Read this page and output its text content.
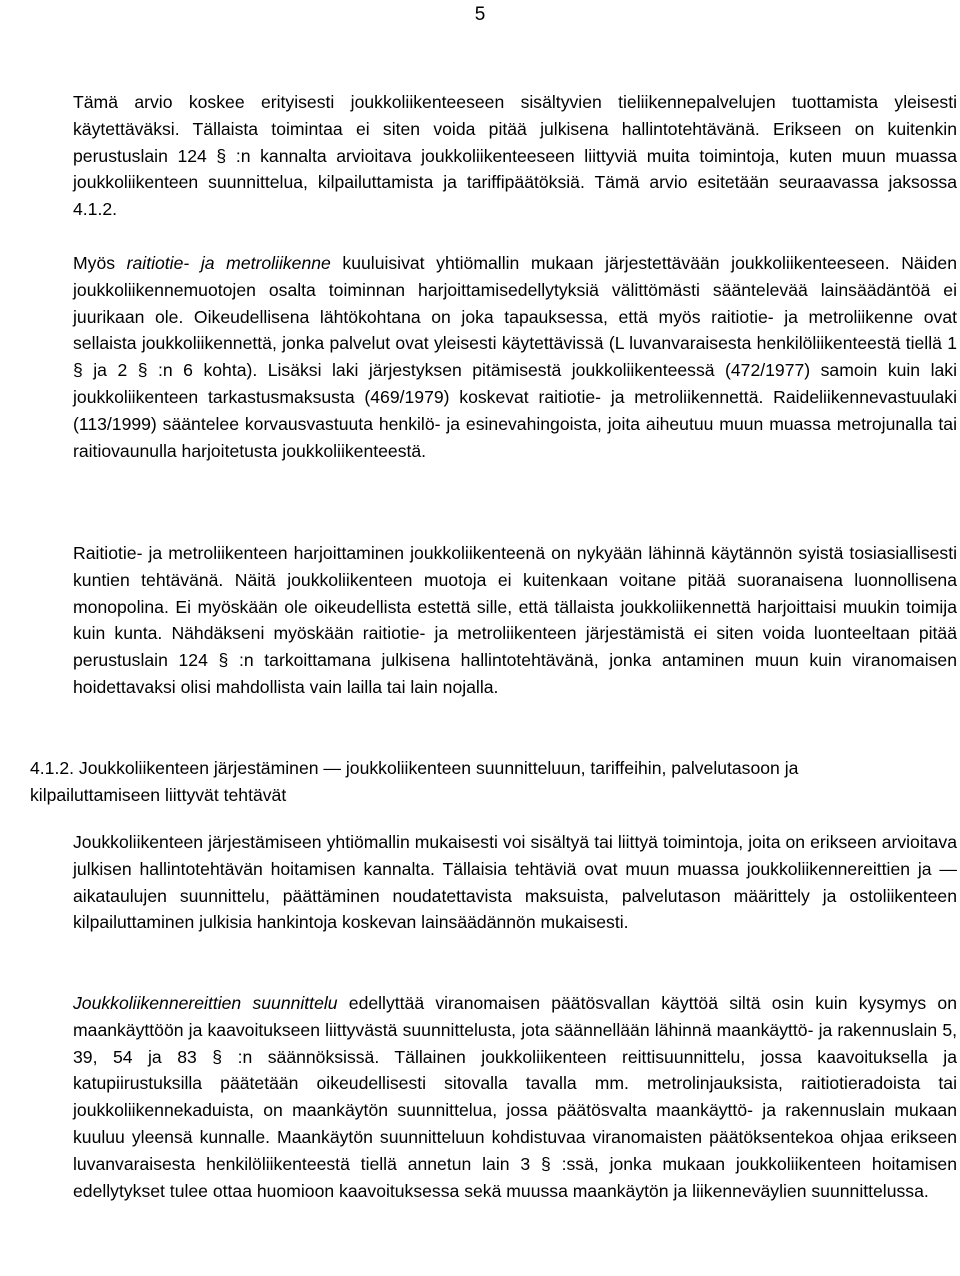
5

Tämä arvio koskee erityisesti joukkoliikenteeseen sisältyvien tieliikennepalvelujen tuottamista yleisesti käytettäväksi. Tällaista toimintaa ei siten voida pitää julkisena hallintotehtävänä. Erikseen on kuitenkin perustuslain 124 § :n kannalta arvioitava joukkoliikenteeseen liittyviä muita toimintoja, kuten muun muassa joukkoliikenteen suunnittelua, kilpailuttamista ja tariffipäätöksiä. Tämä arvio esitetään seuraavassa jaksossa 4.1.2.

Myös raitiotie- ja metroliikenne kuuluisivat yhtiömallin mukaan järjestettävään joukkoliikenteeseen. Näiden joukkoliikennemuotojen osalta toiminnan harjoittamisedellytyksiä välittömästi sääntelevää lainsäädäntöä ei juurikaan ole. Oikeudellisena lähtökohtana on joka tapauksessa, että myös raitiotie- ja metroliikenne ovat sellaista joukkoliikennettä, jonka palvelut ovat yleisesti käytettävissä (L luvanvaraisesta henkilöliikenteestä tiellä 1 § ja 2 § :n 6 kohta). Lisäksi laki järjestyksen pitämisestä joukkoliikenteessä (472/1977) samoin kuin laki joukkoliikenteen tarkastusmaksusta (469/1979) koskevat raitiotie- ja metroliikennettä. Raideliikennevastuulaki (113/1999) sääntelee korvausvastuuta henkilö- ja esinevahingoista, joita aiheutuu muun muassa metrojunalla tai raitiovaunulla harjoitetusta joukkoliikenteestä.

Raitiotie- ja metroliikenteen harjoittaminen joukkoliikenteenä on nykyään lähinnä käytännön syistä tosiasiallisesti kuntien tehtävänä. Näitä joukkoliikenteen muotoja ei kuitenkaan voitane pitää suoranaisena luonnollisena monopolina. Ei myöskään ole oikeudellista estettä sille, että tällaista joukkoliikennettä harjoittaisi muukin toimija kuin kunta. Nähdäkseni myöskään raitiotie- ja metroliikenteen järjestämistä ei siten voida luonteeltaan pitää perustuslain 124 § :n tarkoittamana julkisena hallintotehtävänä, jonka antaminen muun kuin viranomaisen hoidettavaksi olisi mahdollista vain lailla tai lain nojalla.

4.1.2. Joukkoliikenteen järjestäminen — joukkoliikenteen suunnitteluun, tariffeihin, palvelutasoon ja kilpailuttamiseen liittyvät tehtävät

Joukkoliikenteen järjestämiseen yhtiömallin mukaisesti voi sisältyä tai liittyä toimintoja, joita on erikseen arvioitava julkisen hallintotehtävän hoitamisen kannalta. Tällaisia tehtäviä ovat muun muassa joukkoliikennereittien ja —aikataulujen suunnittelu, päättäminen noudatettavista maksuista, palvelutason määrittely ja ostoliikenteen kilpailuttaminen julkisia hankintoja koskevan lainsäädännön mukaisesti.

Joukkoliikennereittien suunnittelu edellyttää viranomaisen päätösvallan käyttöä siltä osin kuin kysymys on maankäyttöön ja kaavoitukseen liittyvästä suunnittelusta, jota säännellään lähinnä maankäyttö- ja rakennuslain 5, 39, 54 ja 83 § :n säännöksissä. Tällainen joukkoliikenteen reittisuunnittelu, jossa kaavoituksella ja katupiirustuksilla päätetään oikeudellisesti sitovalla tavalla mm. metrolinjauksista, raitiotieradoista tai joukkoliikennekaduista, on maankäytön suunnittelua, jossa päätösvalta maankäyttö- ja rakennuslain mukaan kuuluu yleensä kunnalle. Maankäytön suunnitteluun kohdistuvaa viranomaisten päätöksentekoa ohjaa erikseen luvanvaraisesta henkilöliikenteestä tiellä annetun lain 3 § :ssä, jonka mukaan joukkoliikenteen hoitamisen edellytykset tulee ottaa huomioon kaavoituksessa sekä muussa maankäytön ja liikenneväylien suunnittelussa.
